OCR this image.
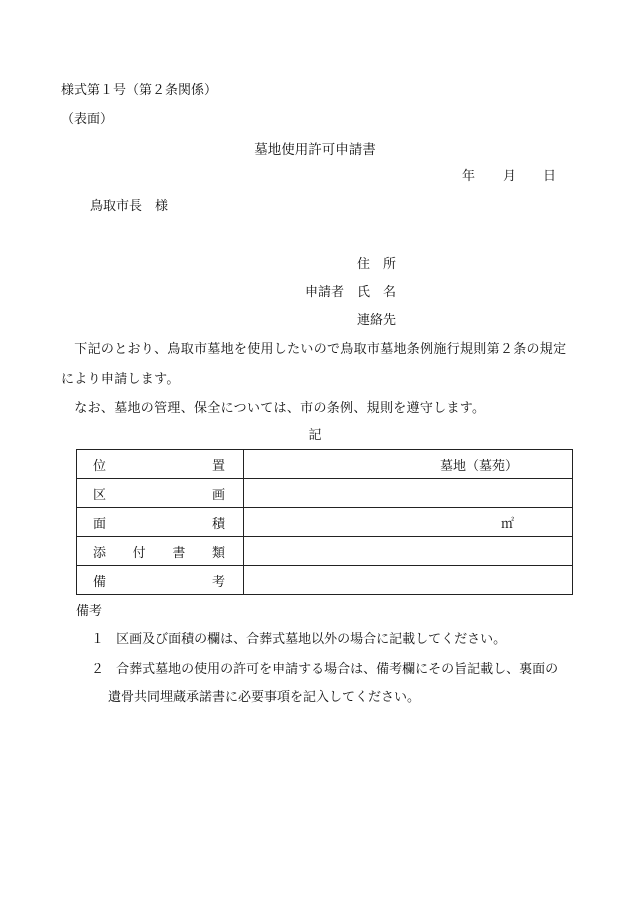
様式第１号（第２条関係）
（表面）
墓地使用許可申請書
年 月 日
鳥取市長　様
住　所
申請者 氏　名
連絡先
　下記のとおり、鳥取市墓地を使用したいので鳥取市墓地条例施行規則第２条の規定により申請します。
　なお、墓地の管理、保全については、市の条例、規則を遵守します。
記
位 置	墓地（墓苑）

区 画	

面 積	㎡

添 付 書 類	

備 考	

備考
１ 区画及び面積の欄は、合葬式墓地以外の場合に記載してください。
２ 合葬式墓地の使用の許可を申請する場合は、備考欄にその旨記載し、裏面の
遺骨共同埋蔵承諾書に必要事項を記入してください。
